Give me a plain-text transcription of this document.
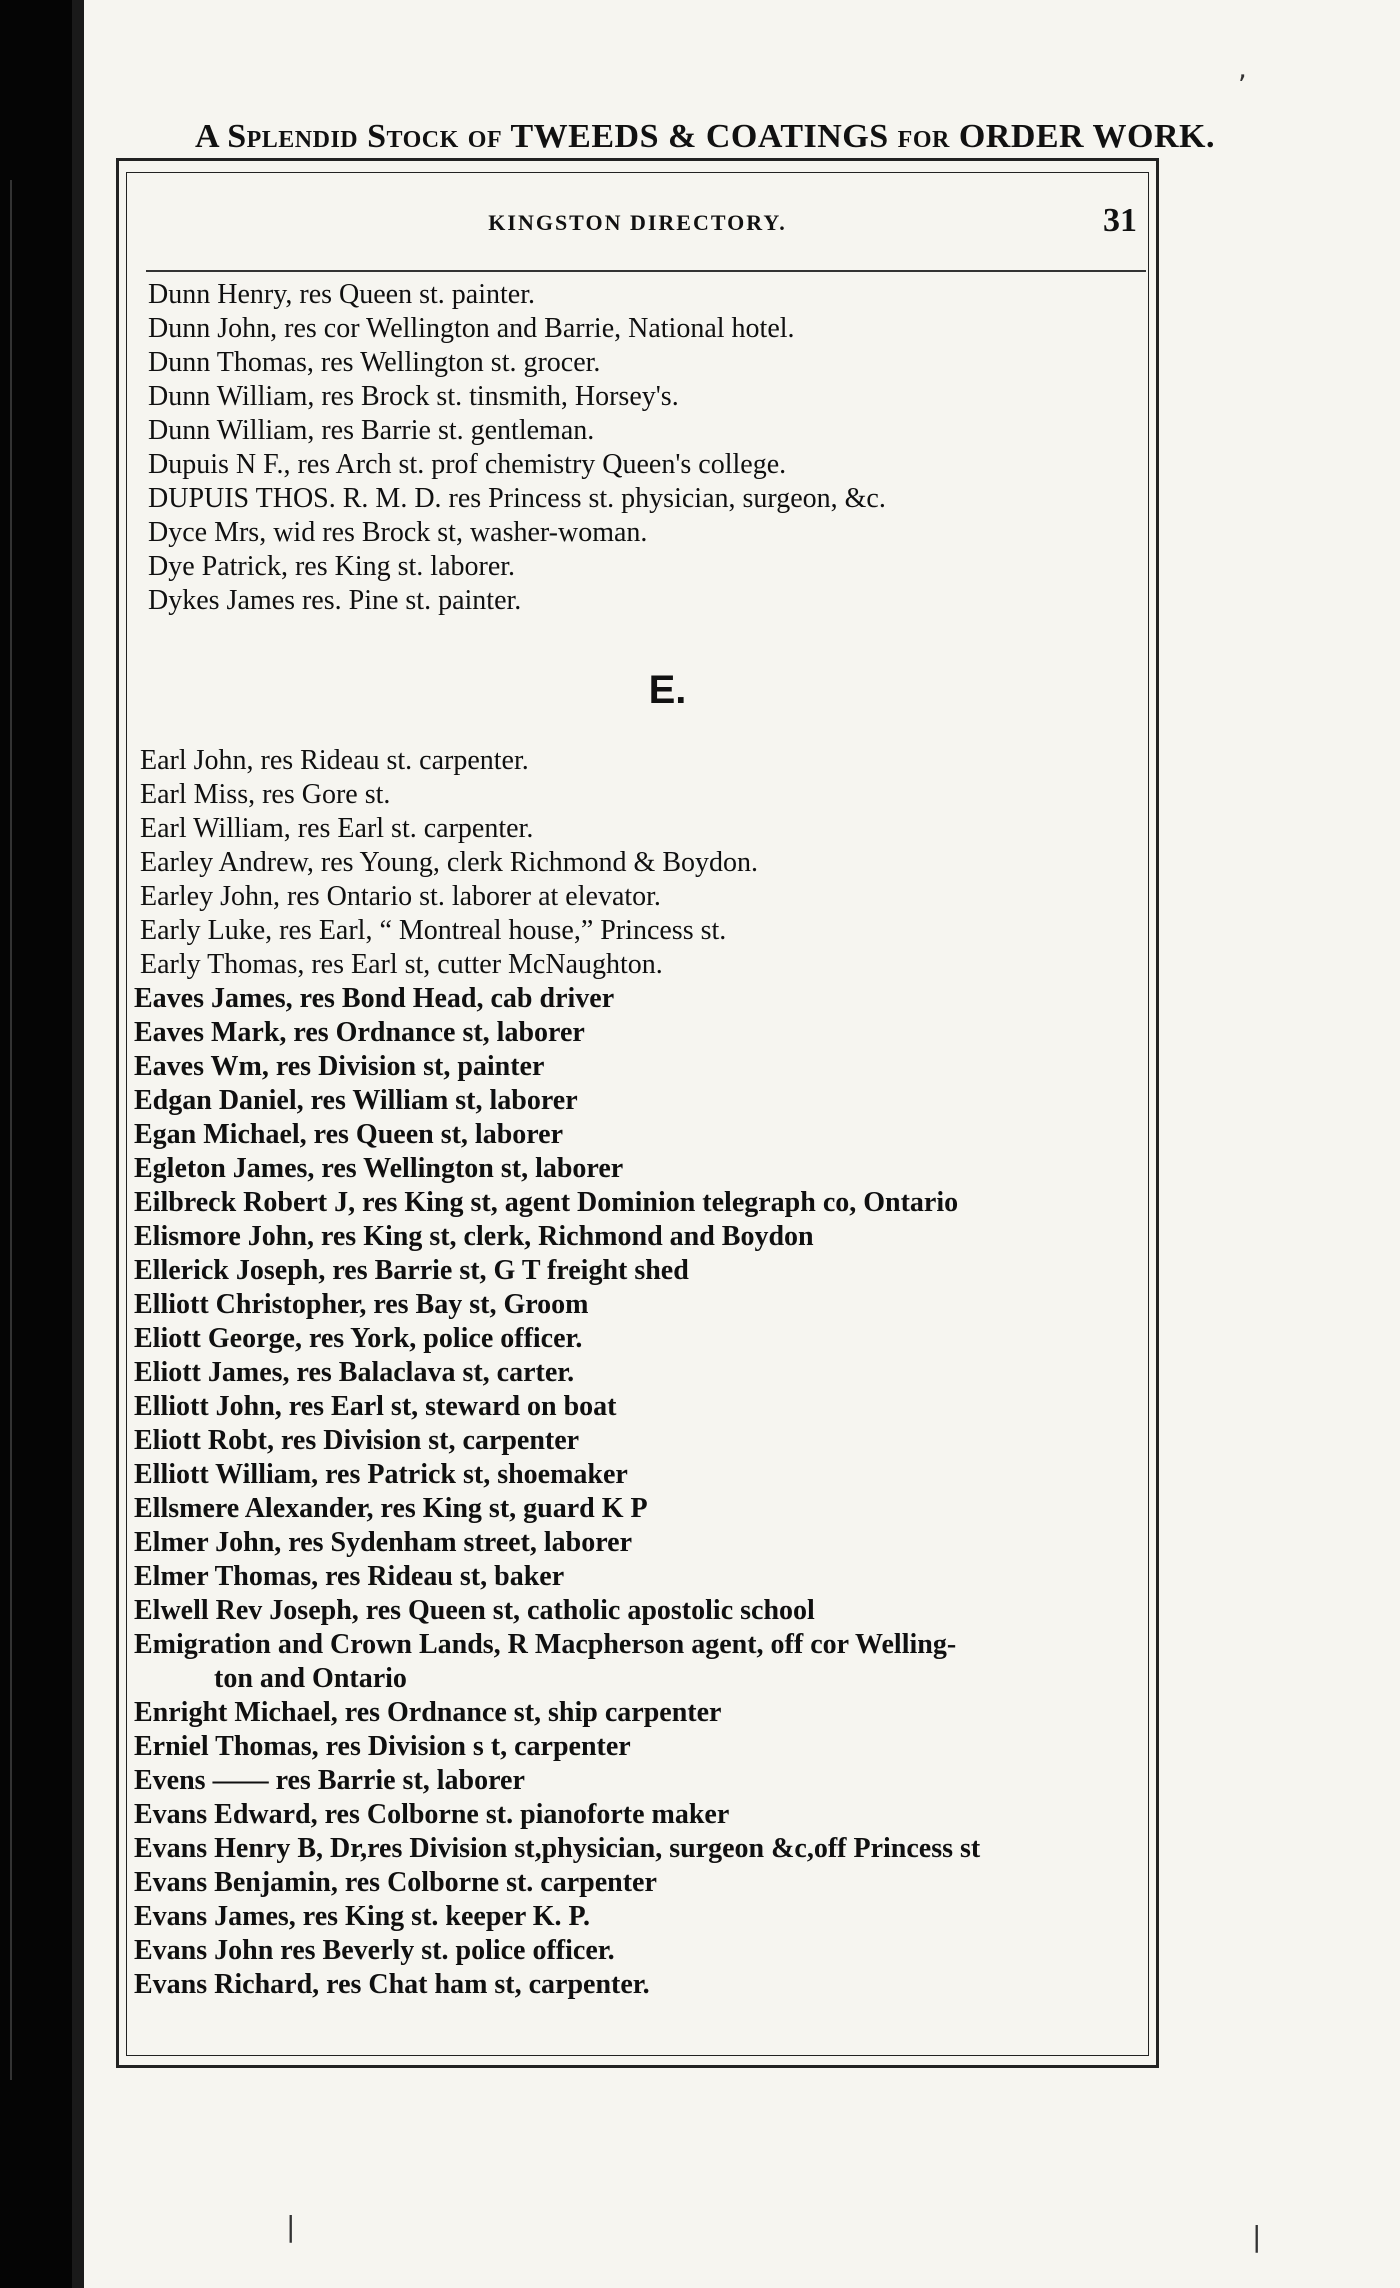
A Splendid Stock of TWEEDS & COATINGS for ORDER WORK.
KINGSTON DIRECTORY.	31
Dunn Henry, res Queen st. painter.
Dunn John, res cor Wellington and Barrie, National hotel.
Dunn Thomas, res Wellington st. grocer.
Dunn William, res Brock st. tinsmith, Horsey's.
Dunn William, res Barrie st. gentleman.
Dupuis N F., res Arch st. prof chemistry Queen's college.
DUPUIS THOS. R. M. D. res Princess st. physician, surgeon, &c.
Dyce Mrs, wid res Brock st, washer-woman.
Dye Patrick, res King st. laborer.
Dykes James res. Pine st. painter.
E.
Earl John, res Rideau st. carpenter.
Earl Miss, res Gore st.
Earl William, res Earl st. carpenter.
Earley Andrew, res Young, clerk Richmond & Boydon.
Earley John, res Ontario st. laborer at elevator.
Early Luke, res Earl, “ Montreal house,” Princess st.
Early Thomas, res Earl st, cutter McNaughton.
Eaves James, res Bond Head, cab driver
Eaves Mark, res Ordnance st, laborer
Eaves Wm, res Division st, painter
Edgan Daniel, res William st, laborer
Egan Michael, res Queen st, laborer
Egleton James, res Wellington st, laborer
Eilbreck Robert J, res King st, agent Dominion telegraph co, Ontario
Elismore John, res King st, clerk, Richmond and Boydon
Ellerick Joseph, res Barrie st, G T freight shed
Elliott Christopher, res Bay st, Groom
Eliott George, res York, police officer.
Eliott James, res Balaclava st, carter.
Elliott John, res Earl st, steward on boat
Eliott Robt, res Division st, carpenter
Elliott William, res Patrick st, shoemaker
Ellsmere Alexander, res King st, guard K P
Elmer John, res Sydenham street, laborer
Elmer Thomas, res Rideau st, baker
Elwell Rev Joseph, res Queen st, catholic apostolic school
Emigration and Crown Lands, R Macpherson agent, off cor Welling-
ton and Ontario
Enright Michael, res Ordnance st, ship carpenter
Erniel Thomas, res Division s t, carpenter
Evens —— res Barrie st, laborer
Evans Edward, res Colborne st. pianoforte maker
Evans Henry B, Dr,res Division st,physician, surgeon &c,off Princess st
Evans Benjamin, res Colborne st. carpenter
Evans James, res King st. keeper K. P.
Evans John res Beverly st. police officer.
Evans Richard, res Chat ham st, carpenter.
,
|	|
